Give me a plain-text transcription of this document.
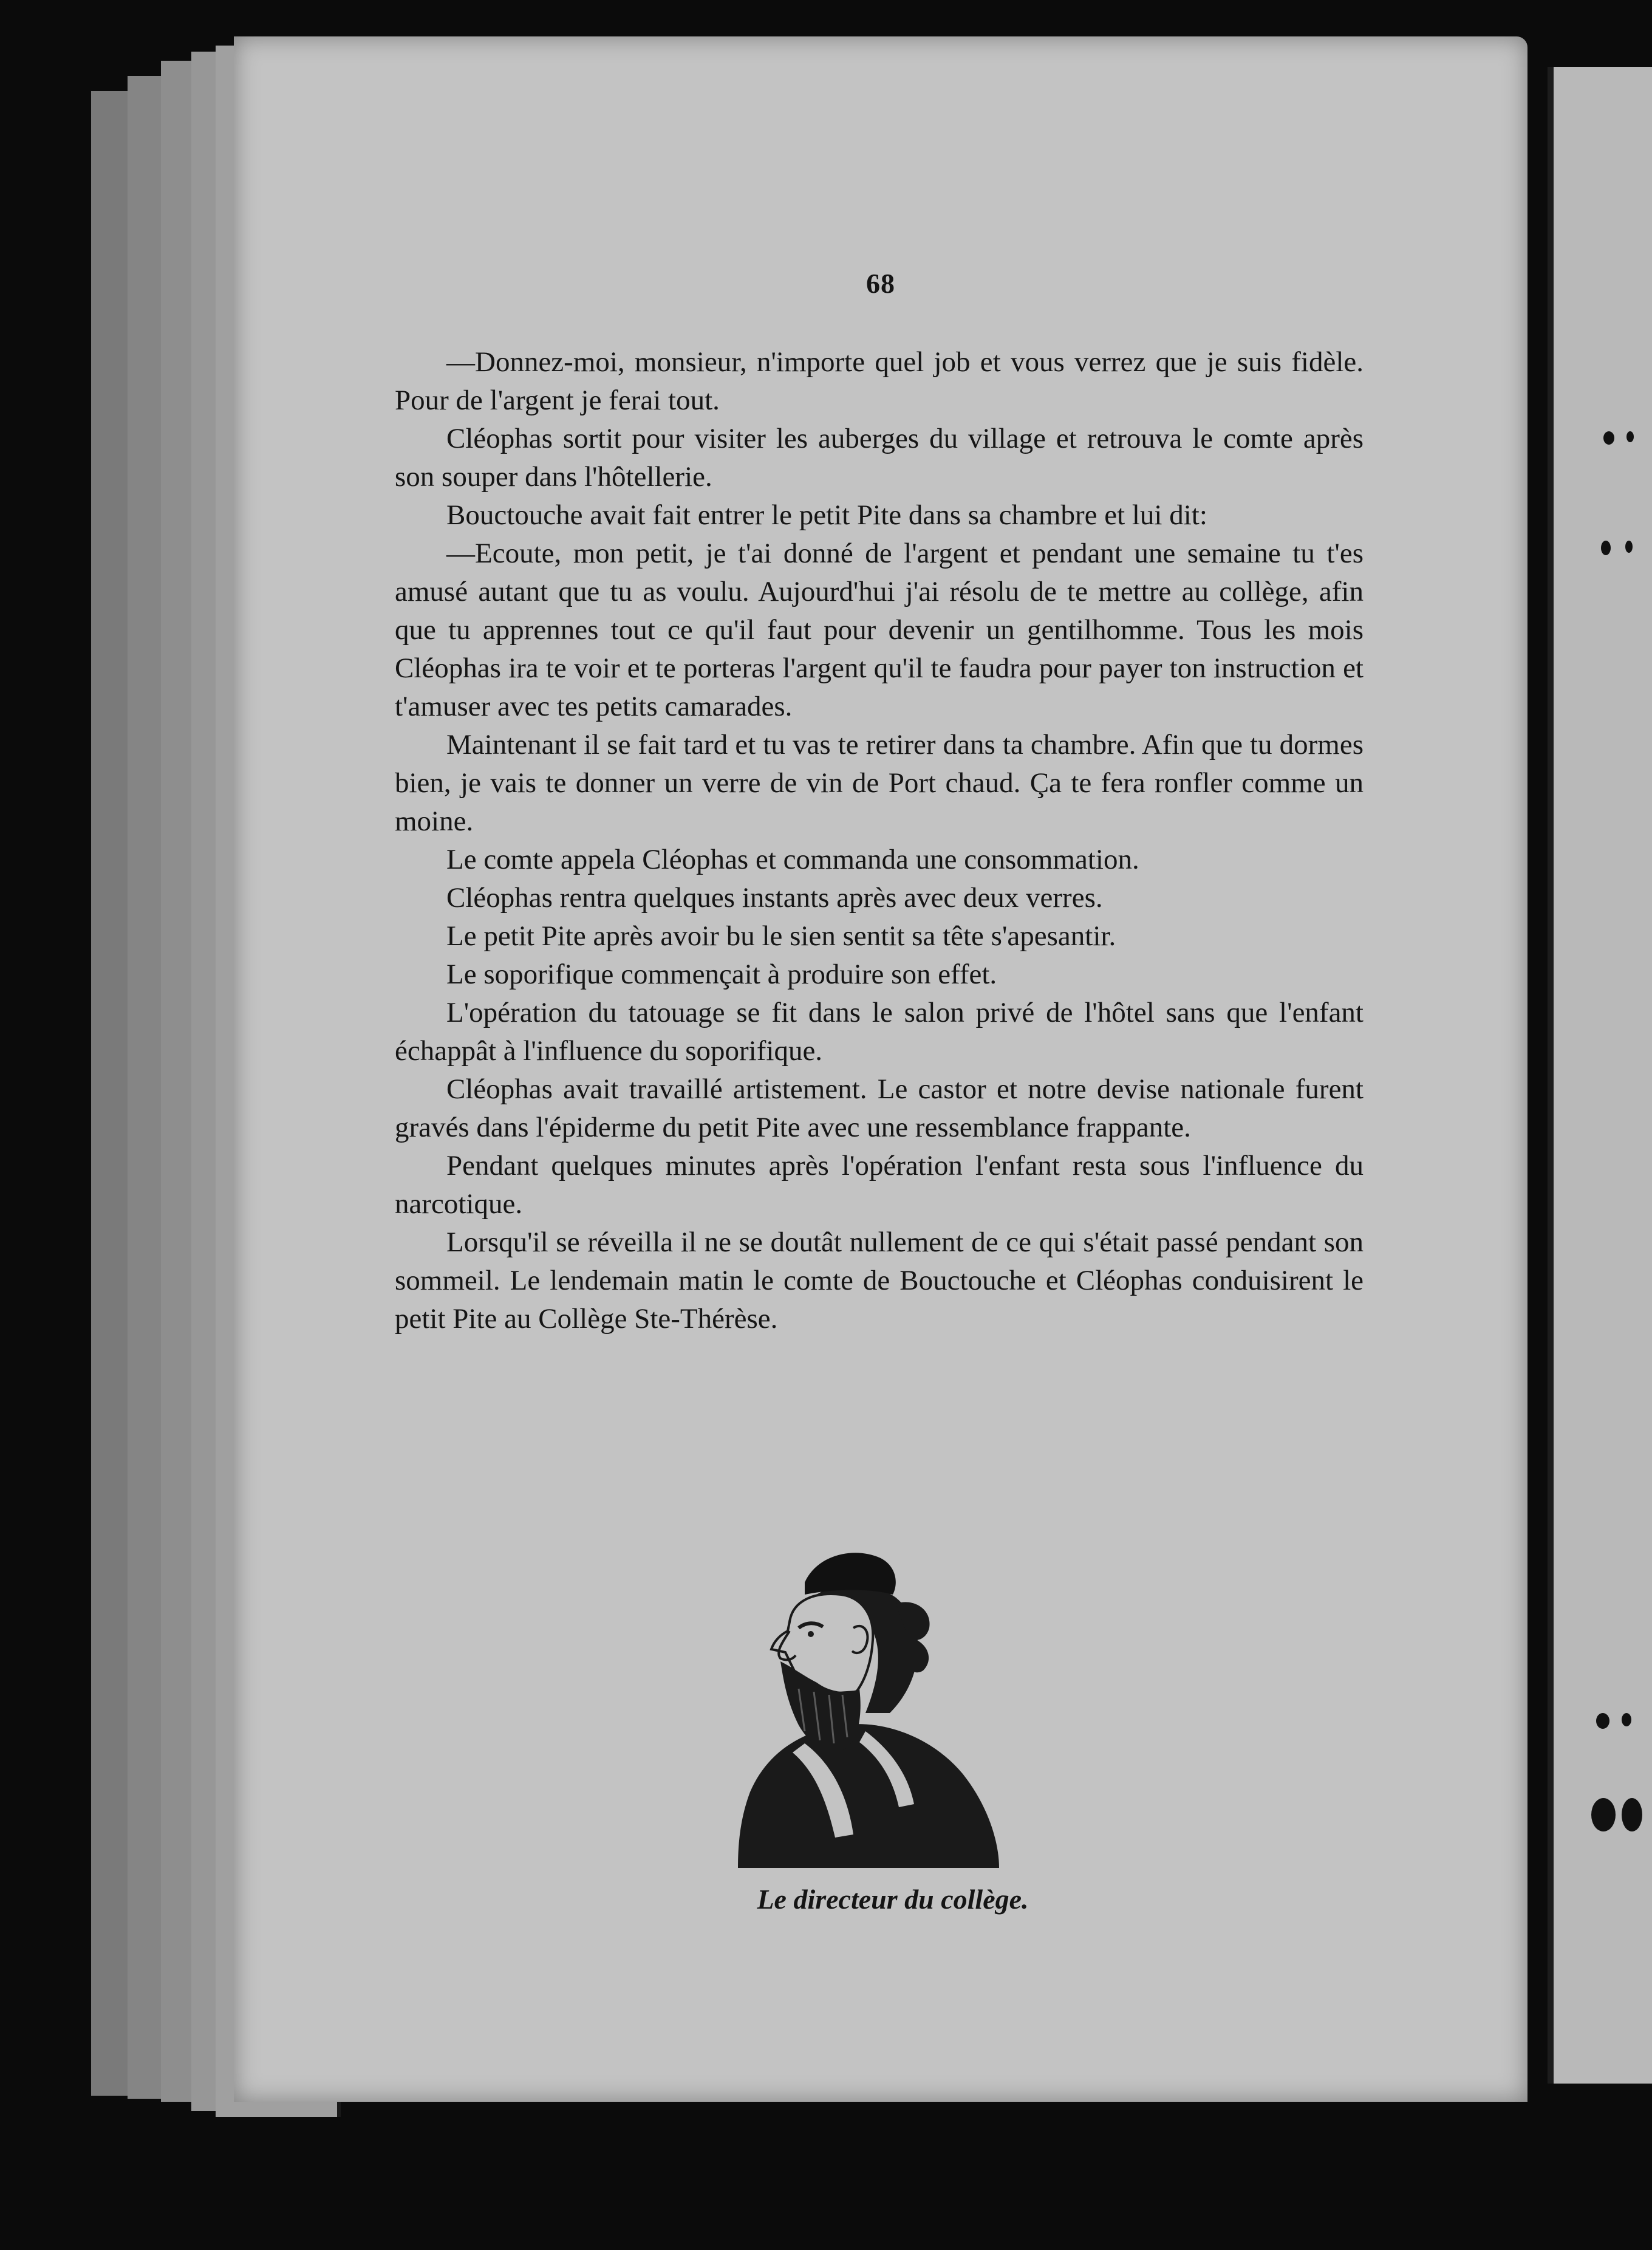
68

—Donnez-moi, monsieur, n'importe quel job et vous verrez que je suis fidèle. Pour de l'argent je ferai tout.

Cléophas sortit pour visiter les auberges du village et retrouva le comte après son souper dans l'hôtellerie.

Bouctouche avait fait entrer le petit Pite dans sa chambre et lui dit:

—Ecoute, mon petit, je t'ai donné de l'argent et pendant une semaine tu t'es amusé autant que tu as voulu. Aujourd'hui j'ai résolu de te mettre au collège, afin que tu apprennes tout ce qu'il faut pour devenir un gentilhomme. Tous les mois Cléophas ira te voir et te porteras l'argent qu'il te faudra pour payer ton instruction et t'amuser avec tes petits camarades.

Maintenant il se fait tard et tu vas te retirer dans ta chambre. Afin que tu dormes bien, je vais te donner un verre de vin de Port chaud. Ça te fera ronfler comme un moine.

Le comte appela Cléophas et commanda une consommation.

Cléophas rentra quelques instants après avec deux verres.

Le petit Pite après avoir bu le sien sentit sa tête s'apesantir.

Le soporifique commençait à produire son effet.

L'opération du tatouage se fit dans le salon privé de l'hôtel sans que l'enfant échappât à l'influence du soporifique.

Cléophas avait travaillé artistement. Le castor et notre devise nationale furent gravés dans l'épiderme du petit Pite avec une ressemblance frappante.

Pendant quelques minutes après l'opération l'enfant resta sous l'influence du narcotique.

Lorsqu'il se réveilla il ne se doutât nullement de ce qui s'était passé pendant son sommeil. Le lendemain matin le comte de Bouctouche et Cléophas conduisirent le petit Pite au Collège Ste-Thérèse.

Le directeur du collège.
